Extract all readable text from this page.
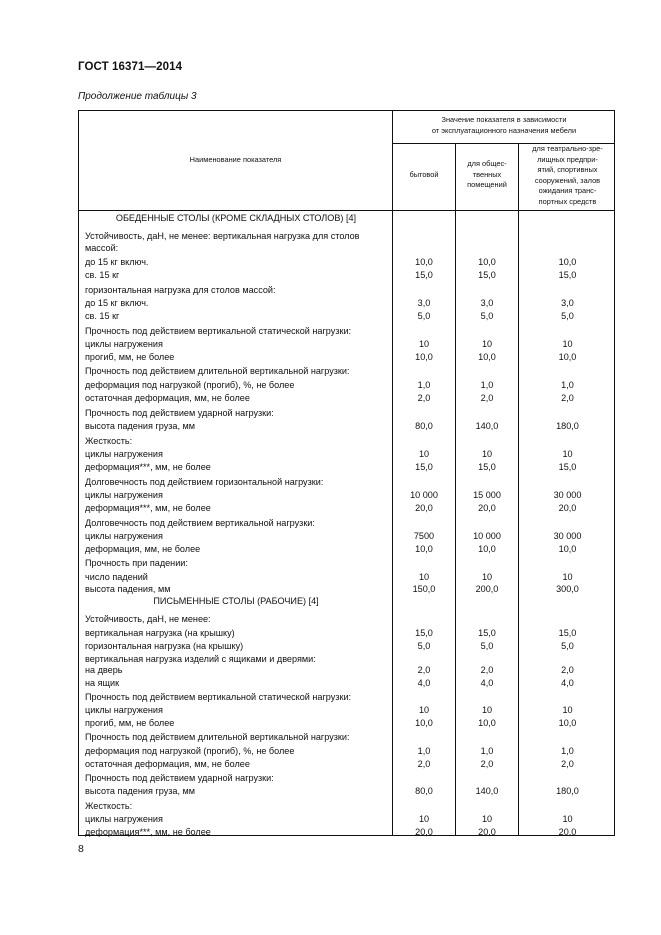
ГОСТ 16371—2014
Продолжение таблицы 3
Наименование показателя
Значение показателя в зависимости
от эксплуатационного назначения мебели
бытовой
для общес-
твенных
помещений
для театрально-зре-
лищных предпри-
ятий, спортивных
сооружений, залов
ожидания транс-
портных средств
ОБЕДЕННЫЕ СТОЛЫ (КРОМЕ СКЛАДНЫХ СТОЛОВ) [4]
Устойчивость, даН, не менее: вертикальная нагрузка для столов
массой:
до 15 кг включ.	10,0	10,0	10,0
св. 15 кг	15,0	15,0	15,0
горизонтальная нагрузка для столов массой:
до 15 кг включ.	3,0	3,0	3,0
св. 15 кг	5,0	5,0	5,0
Прочность под действием вертикальной статической нагрузки:
циклы нагружения	10	10	10
прогиб, мм, не более	10,0	10,0	10,0
Прочность под действием длительной вертикальной нагрузки:
деформация под нагрузкой (прогиб), %, не более	1,0	1,0	1,0
остаточная деформация, мм, не более	2,0	2,0	2,0
Прочность под действием ударной нагрузки:
высота падения груза, мм	80,0	140,0	180,0
Жесткость:
циклы нагружения	10	10	10
деформация***, мм, не более	15,0	15,0	15,0
Долговечность под действием горизонтальной нагрузки:
циклы нагружения	10 000	15 000	30 000
деформация***, мм, не более	20,0	20,0	20,0
Долговечность под действием вертикальной нагрузки:
циклы нагружения	7500	10 000	30 000
деформация, мм, не более	10,0	10,0	10,0
Прочность при падении:
число падений	10	10	10
высота падения, мм	150,0	200,0	300,0
ПИСЬМЕННЫЕ СТОЛЫ (РАБОЧИЕ) [4]
Устойчивость, даН, не менее:
вертикальная нагрузка (на крышку)	15,0	15,0	15,0
горизонтальная нагрузка (на крышку)	5,0	5,0	5,0
вертикальная нагрузка изделий с ящиками и дверями:
на дверь	2,0	2,0	2,0
на ящик	4,0	4,0	4,0
Прочность под действием вертикальной статической нагрузки:
циклы нагружения	10	10	10
прогиб, мм, не более	10,0	10,0	10,0
Прочность под действием длительной вертикальной нагрузки:
деформация под нагрузкой (прогиб), %, не более	1,0	1,0	1,0
остаточная деформация, мм, не более	2,0	2,0	2,0
Прочность под действием ударной нагрузки:
высота падения груза, мм	80,0	140,0	180,0
Жесткость:
циклы нагружения	10	10	10
деформация***, мм, не более	20,0	20,0	20,0
8
